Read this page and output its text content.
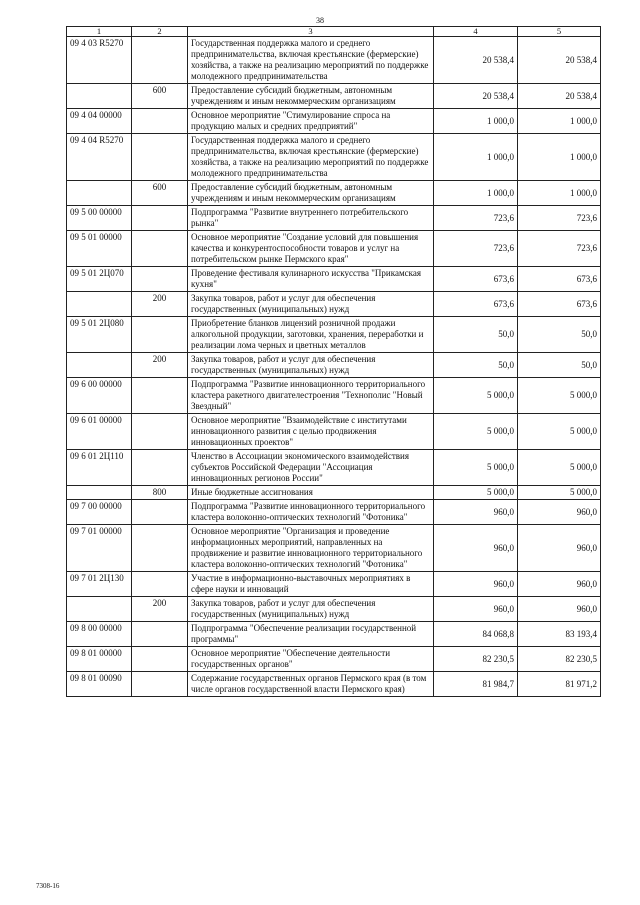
38
1	2	3	4	5
09 4 03 R5270		Государственная поддержка малого и среднего предпринимательства, включая крестьянские (фермерские) хозяйства, а также на реализацию мероприятий по поддержке молодежного предпринимательства	20 538,4	20 538,4
	600	Предоставление субсидий бюджетным, автономным учреждениям и иным некоммерческим организациям	20 538,4	20 538,4
09 4 04 00000		Основное мероприятие "Стимулирование спроса на продукцию малых и средних предприятий"	1 000,0	1 000,0
09 4 04 R5270		Государственная поддержка малого и среднего предпринимательства, включая крестьянские (фермерские) хозяйства, а также на реализацию мероприятий по поддержке молодежного предпринимательства	1 000,0	1 000,0
	600	Предоставление субсидий бюджетным, автономным учреждениям и иным некоммерческим организациям	1 000,0	1 000,0
09 5 00 00000		Подпрограмма "Развитие внутреннего потребительского рынка"	723,6	723,6
09 5 01 00000		Основное мероприятие "Создание условий для повышения качества и конкурентоспособности товаров и услуг на потребительском рынке Пермского края"	723,6	723,6
09 5 01 2Ц070		Проведение фестиваля кулинарного искусства "Прикамская кухня"	673,6	673,6
	200	Закупка товаров, работ и услуг для обеспечения государственных (муниципальных) нужд	673,6	673,6
09 5 01 2Ц080		Приобретение бланков лицензий розничной продажи алкогольной продукции, заготовки, хранения, переработки и реализации лома черных и цветных металлов	50,0	50,0
	200	Закупка товаров, работ и услуг для обеспечения государственных (муниципальных) нужд	50,0	50,0
09 6 00 00000		Подпрограмма "Развитие инновационного территориального кластера ракетного двигателестроения "Технополис "Новый Звездный"	5 000,0	5 000,0
09 6 01 00000		Основное мероприятие "Взаимодействие с институтами инновационного развития с целью продвижения инновационных проектов"	5 000,0	5 000,0
09 6 01 2Ц110		Членство в Ассоциации экономического взаимодействия субъектов Российской Федерации "Ассоциация инновационных регионов России"	5 000,0	5 000,0
	800	Иные бюджетные ассигнования	5 000,0	5 000,0
09 7 00 00000		Подпрограмма "Развитие инновационного территориального кластера волоконно-оптических технологий "Фотоника"	960,0	960,0
09 7 01 00000		Основное мероприятие "Организация и проведение информационных мероприятий, направленных на продвижение и развитие инновационного территориального кластера волоконно-оптических технологий "Фотоника"	960,0	960,0
09 7 01 2Ц130		Участие в информационно-выставочных мероприятиях в сфере науки и инноваций	960,0	960,0
	200	Закупка товаров, работ и услуг для обеспечения государственных (муниципальных) нужд	960,0	960,0
09 8 00 00000		Подпрограмма "Обеспечение реализации государственной программы"	84 068,8	83 193,4
09 8 01 00000		Основное мероприятие "Обеспечение деятельности государственных органов"	82 230,5	82 230,5
09 8 01 00090		Содержание государственных органов Пермского края (в том числе органов государственной власти Пермского края)	81 984,7	81 971,2
7308-16
